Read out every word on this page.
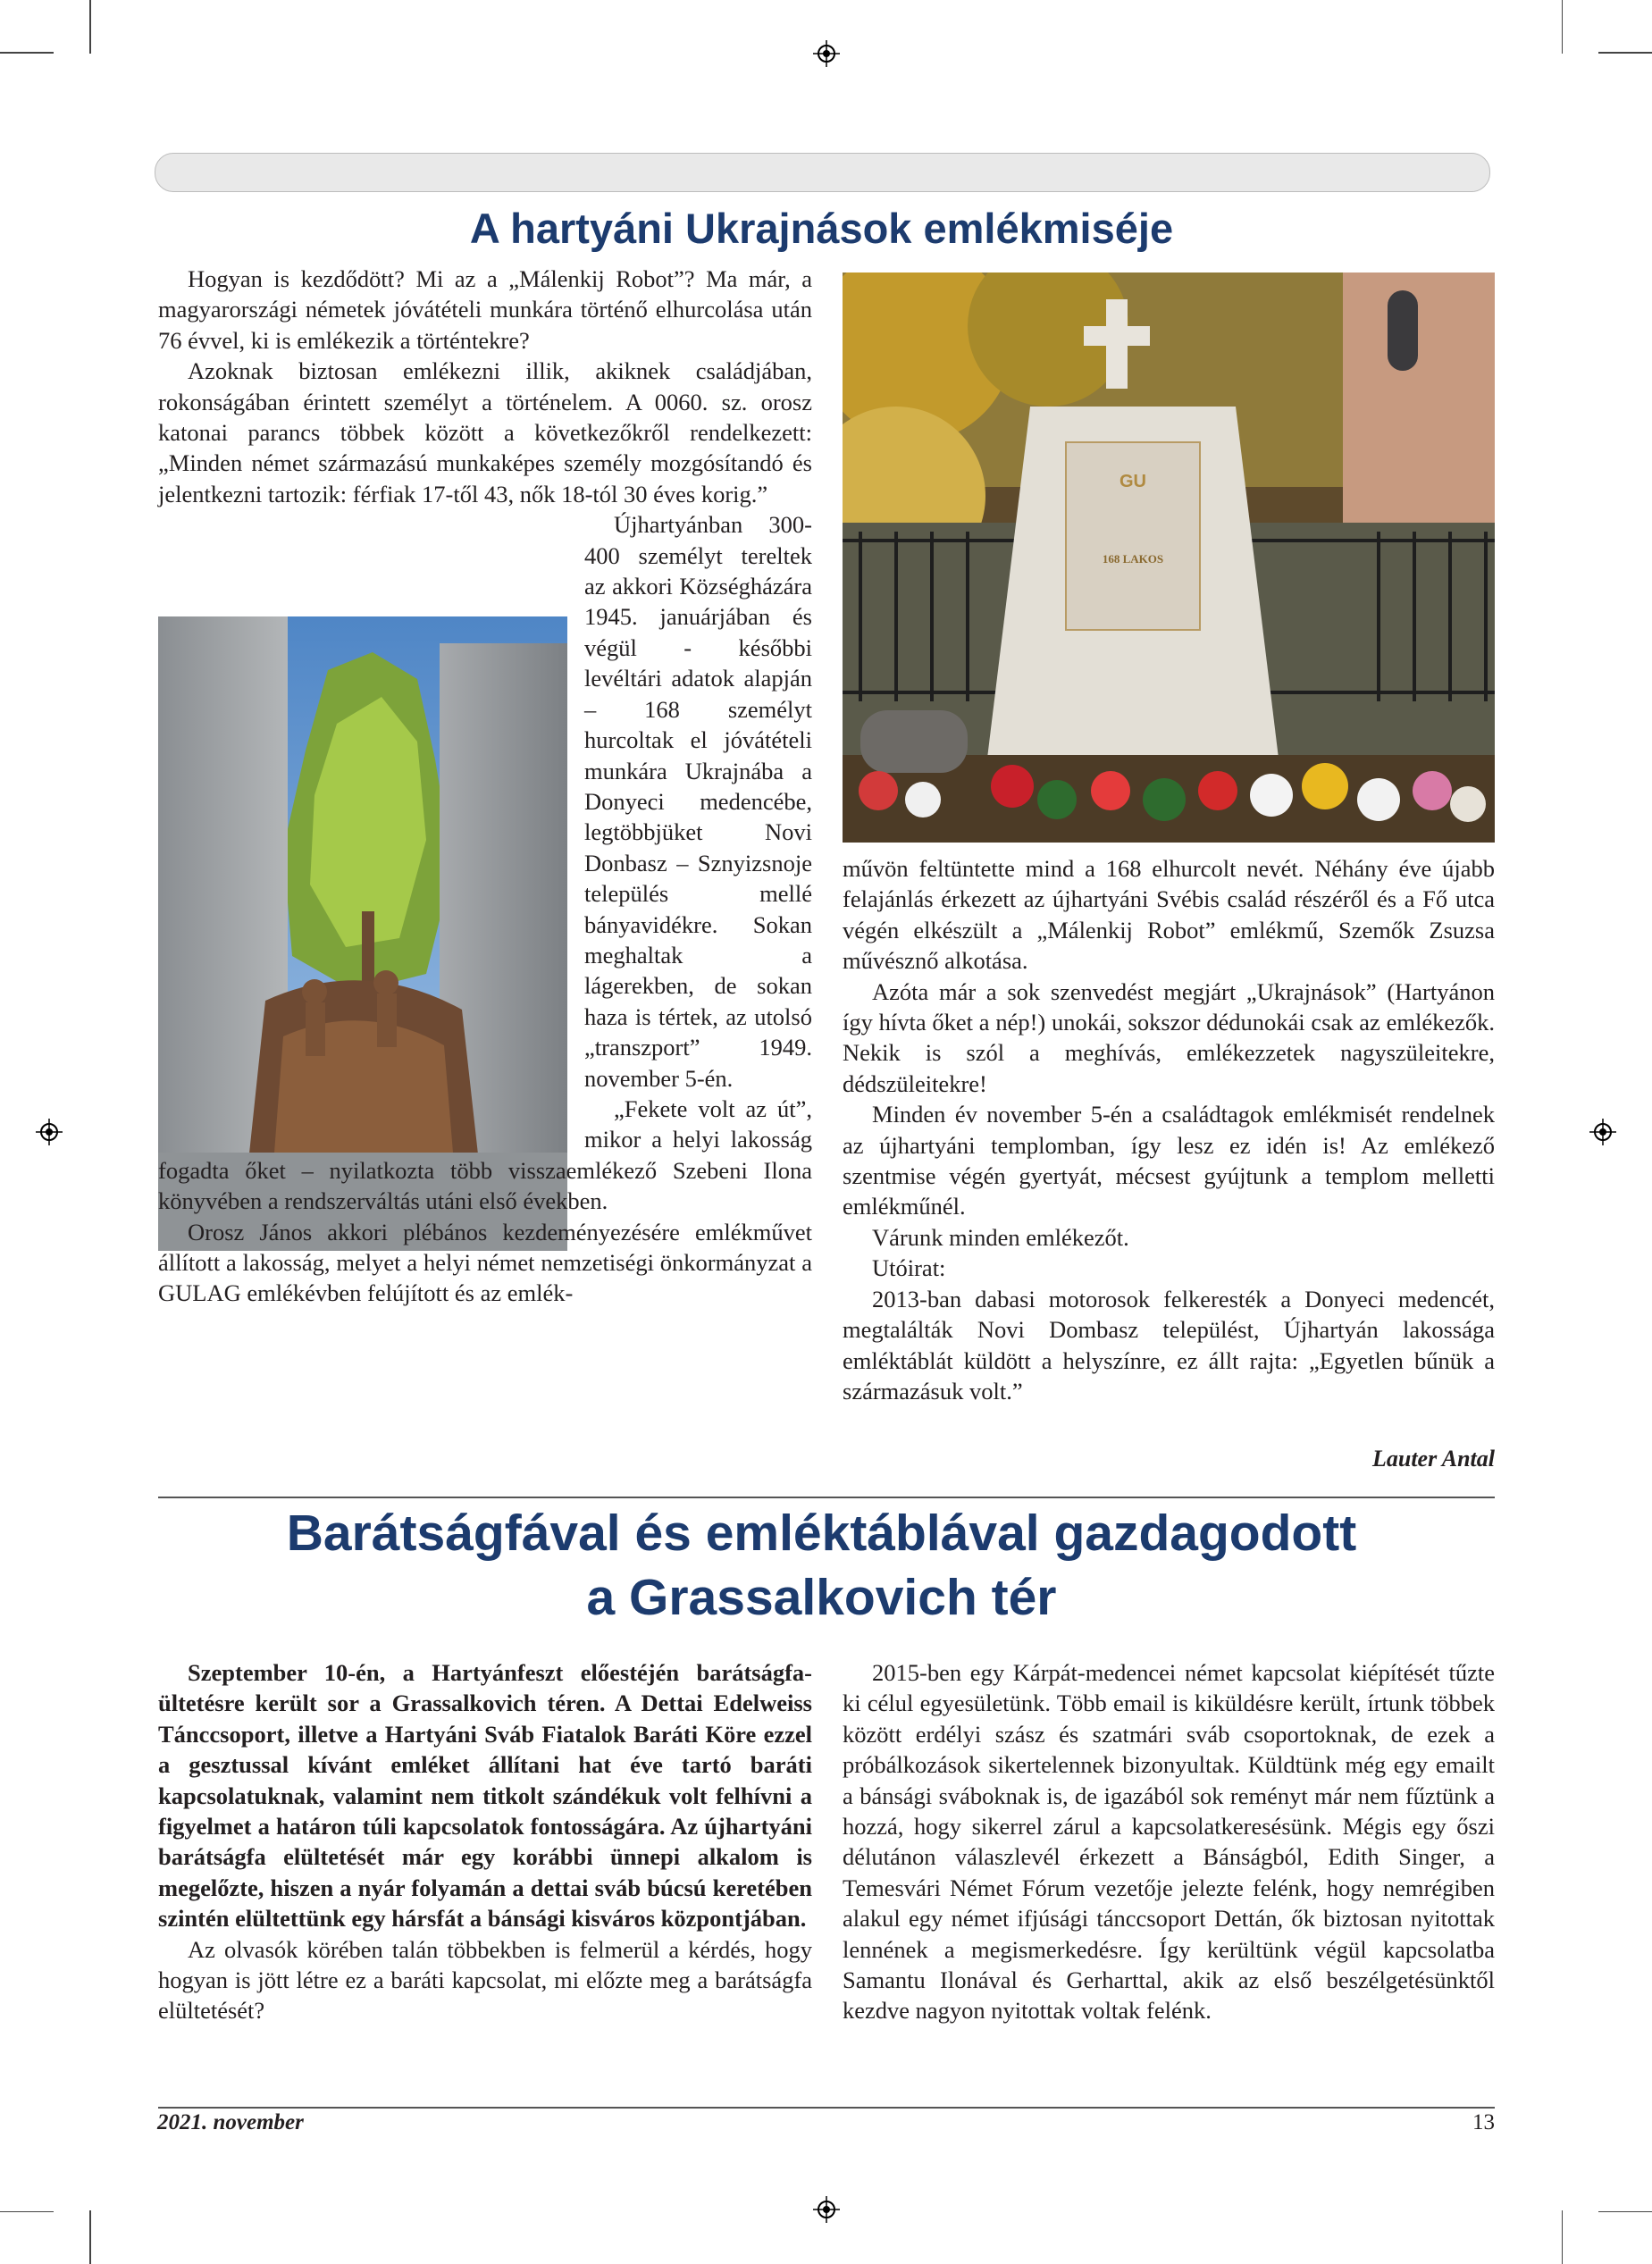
A hartyáni Ukrajnások emlékmiséje
GU
168 LAKOS

Hogyan is kezdődött? Mi az a „Málenkij Robot”? Ma már, a magyarországi németek jóvátételi munkára történő elhurcolása után 76 évvel, ki is emlékezik a történtekre?

Azoknak biztosan emlékezni illik, akiknek családjában, rokonságában érintett személyt a történelem. A 0060. sz. orosz katonai parancs többek között a következőkről rendelkezett: „Minden német származású munkaképes személy mozgósítandó és jelentkezni tartozik: férfiak 17-től 43, nők 18-tól 30 éves korig.”

Újhartyánban 300-400 személyt tereltek az akkori Községházára 1945. januárjában és végül - későbbi levéltári adatok alapján – 168 személyt hurcoltak el jóvátételi munkára Ukrajnába a Donyeci medencébe, legtöbbjüket Novi Donbasz – Sznyizsnoje település mellé bányavidékre. Sokan meghaltak a lágerekben, de sokan haza is tértek, az utolsó „transzport” 1949. november 5-én.

„Fekete volt az út”, mikor a helyi lakosság fogadta őket – nyilatkozta több visszaemlékező Szebeni Ilona könyvében a rendszerváltás utáni első években.

Orosz János akkori plébános kezdeményezésére emlékművet állított a lakosság, melyet a helyi német nemzetiségi önkormányzat a GULAG emlékévben felújított és az emlék-

művön feltüntette mind a 168 elhurcolt nevét. Néhány éve újabb felajánlás érkezett az újhartyáni Svébis család részéről és a Fő utca végén elkészült a „Málenkij Robot” emlékmű, Szemők Zsuzsa művésznő alkotása.

Azóta már a sok szenvedést megjárt „Ukrajnások” (Hartyánon így hívta őket a nép!) unokái, sokszor dédunokái csak az emlékezők. Nekik is szól a meghívás, emlékezzetek nagyszüleitekre, dédszüleitekre!

Minden év november 5-én a családtagok emlékmisét rendelnek az újhartyáni templomban, így lesz ez idén is! Az emlékező szentmise végén gyertyát, mécsest gyújtunk a templom melletti emlékműnél.

Várunk minden emlékezőt.

Utóirat:

2013-ban dabasi motorosok felkeresték a Donyeci medencét, megtalálták Novi Dombasz települést, Újhartyán lakossága emléktáblát küldött a helyszínre, ez állt rajta: „Egyetlen bűnük a származásuk volt.”

Lauter Antal
Barátságfával és emléktáblával gazdagodott
a Grassalkovich tér

Szeptember 10-én, a Hartyánfeszt előestéjén barátságfa-ültetésre került sor a Grassalkovich téren. A Dettai Edelweiss Tánccsoport, illetve a Hartyáni Sváb Fiatalok Baráti Köre ezzel a gesztussal kívánt emléket állítani hat éve tartó baráti kapcsolatuknak, valamint nem titkolt szándékuk volt felhívni a figyelmet a határon túli kapcsolatok fontosságára. Az újhartyáni barátságfa elültetését már egy korábbi ünnepi alkalom is megelőzte, hiszen a nyár folyamán a dettai sváb búcsú keretében szintén elültettünk egy hársfát a bánsági kisváros központjában.

Az olvasók körében talán többekben is felmerül a kérdés, hogy hogyan is jött létre ez a baráti kapcsolat, mi előzte meg a barátságfa elültetését?

2015-ben egy Kárpát-medencei német kapcsolat kiépítését tűzte ki célul egyesületünk. Több email is kiküldésre került, írtunk többek között erdélyi szász és szatmári sváb csoportoknak, de ezek a próbálkozások sikertelennek bizonyultak. Küldtünk még egy emailt a bánsági sváboknak is, de igazából sok reményt már nem fűztünk a hozzá, hogy sikerrel zárul a kapcsolatkeresésünk. Mégis egy őszi délutánon válaszlevél érkezett a Bánságból, Edith Singer, a Temesvári Német Fórum vezetője jelezte felénk, hogy nemrégiben alakul egy német ifjúsági tánccsoport Dettán, ők biztosan nyitottak lennének a megismerkedésre. Így kerültünk végül kapcsolatba Samantu Ilonával és Gerharttal, akik az első beszélgetésünktől kezdve nagyon nyitottak voltak felénk.

2021. november	13
